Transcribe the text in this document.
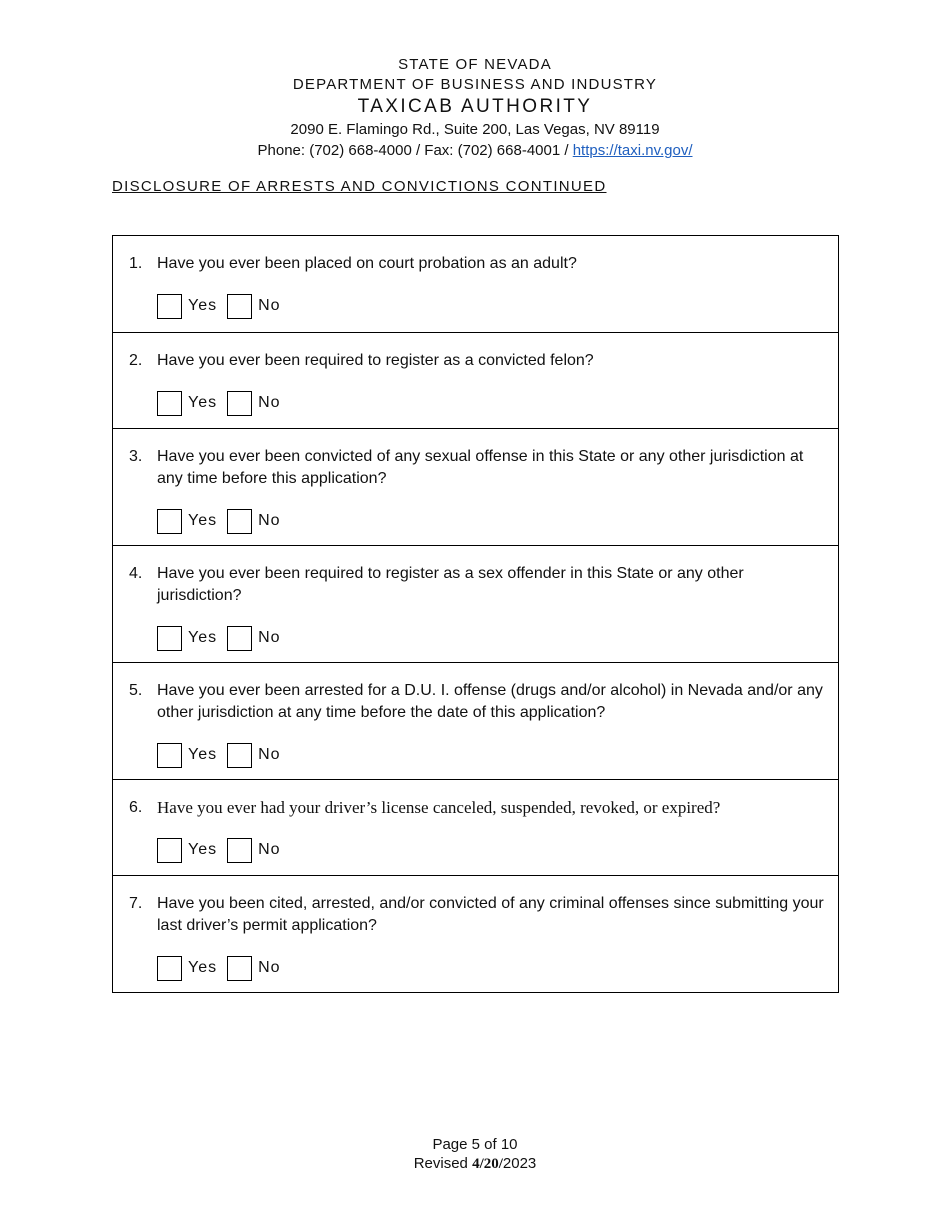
STATE OF NEVADA
DEPARTMENT OF BUSINESS AND INDUSTRY
TAXICAB AUTHORITY
2090 E. Flamingo Rd., Suite 200, Las Vegas, NV 89119
Phone: (702) 668-4000 / Fax: (702) 668-4001 / https://taxi.nv.gov/
DISCLOSURE OF ARRESTS AND CONVICTIONS CONTINUED
1. Have you ever been placed on court probation as an adult?
Yes	No
2. Have you ever been required to register as a convicted felon?
Yes	No
3. Have you ever been convicted of any sexual offense in this State or any other jurisdiction at any time before this application?
Yes	No
4. Have you ever been required to register as a sex offender in this State or any other jurisdiction?
Yes	No
5. Have you ever been arrested for a D.U. I. offense (drugs and/or alcohol) in Nevada and/or any other jurisdiction at any time before the date of this application?
Yes	No
6. Have you ever had your driver’s license canceled, suspended, revoked, or expired?
Yes	No
7. Have you been cited, arrested, and/or convicted of any criminal offenses since submitting your last driver’s permit application?
Yes	No
Page 5 of 10
Revised 4/20/2023
